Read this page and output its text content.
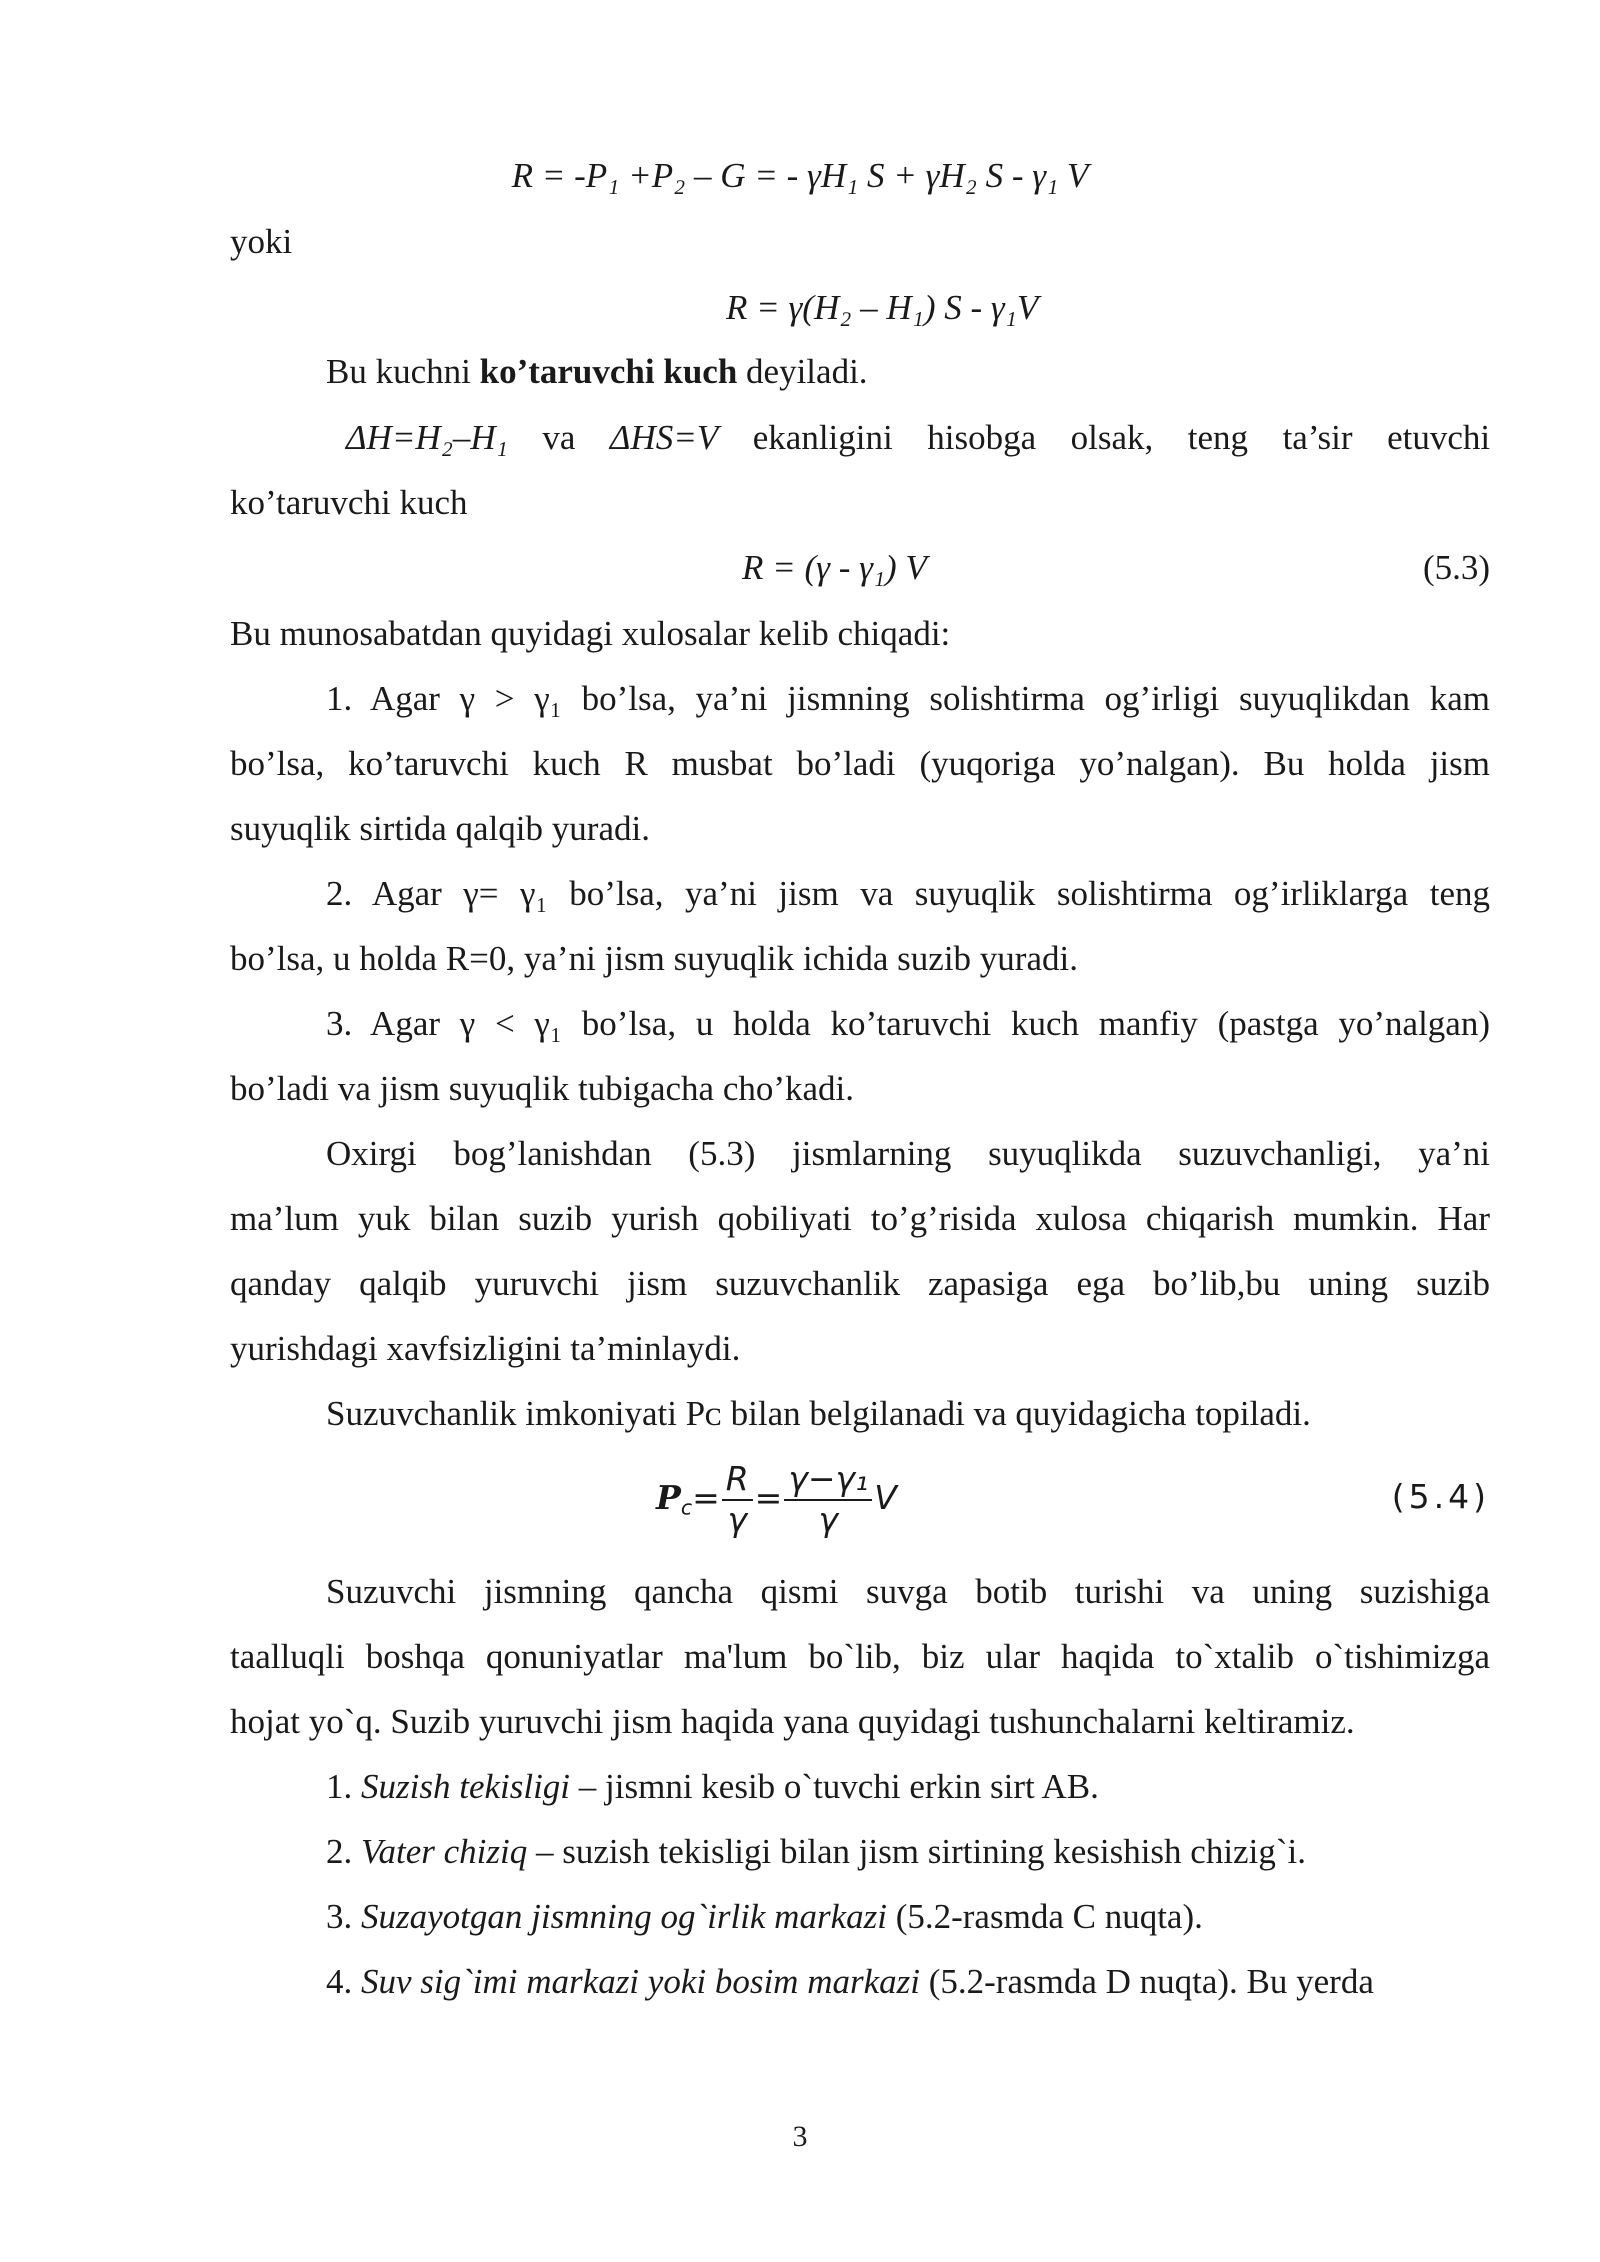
R = -P₁ +P₂ – G = - γH₁ S + γH₂ S - γ₁ V
yoki
R = γ(H₂ – H₁) S - γ₁V
Bu kuchni ko’taruvchi kuch deyiladi.
ΔH=H₂–H₁ va ΔHS=V ekanligini hisobga olsak, teng ta’sir etuvchi
ko’taruvchi kuch
R = (γ - γ₁) V	(5.3)
Bu munosabatdan quyidagi xulosalar kelib chiqadi:
1. Agar γ > γ₁ bo’lsa, ya’ni jismning solishtirma og’irligi suyuqlikdan kam
bo’lsa, ko’taruvchi kuch R musbat bo’ladi (yuqoriga yo’nalgan). Bu holda jism
suyuqlik sirtida qalqib yuradi.
2. Agar γ= γ₁ bo’lsa, ya’ni jism va suyuqlik solishtirma og’irliklarga teng
bo’lsa, u holda R=0, ya’ni jism suyuqlik ichida suzib yuradi.
3. Agar γ < γ₁ bo’lsa, u holda ko’taruvchi kuch manfiy (pastga yo’nalgan)
bo’ladi va jism suyuqlik tubigacha cho’kadi.
Oxirgi bog’lanishdan (5.3) jismlarning suyuqlikda suzuvchanligi, ya’ni
ma’lum yuk bilan suzib yurish qobiliyati to’g’risida xulosa chiqarish mumkin. Har
qanday qalqib yuruvchi jism suzuvchanlik zapasiga ega bo’lib,bu uning suzib
yurishdagi xavfsizligini ta’minlaydi.
Suzuvchanlik imkoniyati Pᴄ bilan belgilanadi va quyidagicha topiladi.
$P_c= \frac{R}{\gamma} = \frac{\text{γ−γ₁}}{\gamma}$ V	(5.4)
Suzuvchi jismning qancha qismi suvga botib turishi va uning suzishiga
taalluqli boshqa qonuniyatlar ma'lum bo`lib, biz ular haqida to`xtalib o`tishimizga
hojat yo`q. Suzib yuruvchi jism haqida yana quyidagi tushunchalarni keltiramiz.
1. Suzish tekisligi – jismni kesib o`tuvchi erkin sirt AB.
2. Vater chiziq – suzish tekisligi bilan jism sirtining kesishish chizig`i.
3. Suzayotgan jismning og`irlik markazi (5.2-rasmda C nuqta).
4. Suv sig`imi markazi yoki bosim markazi (5.2-rasmda D nuqta). Bu yerda
3
